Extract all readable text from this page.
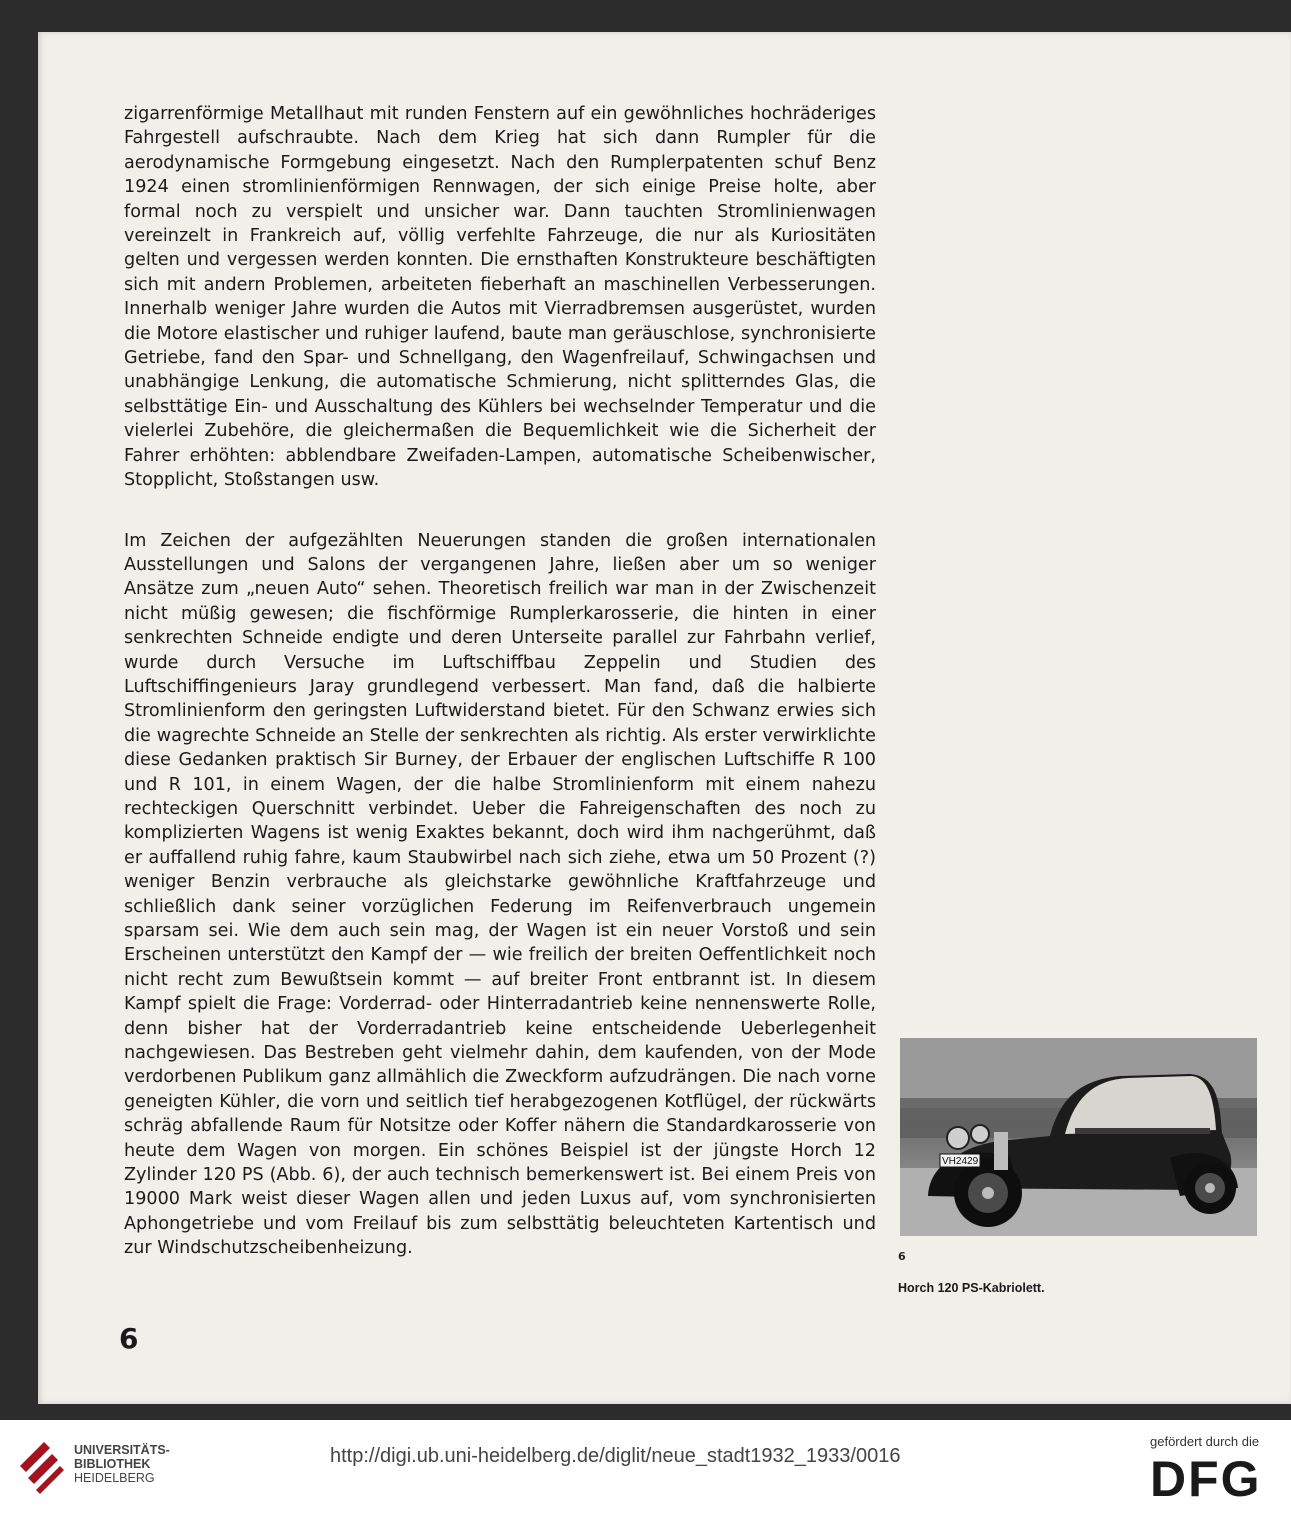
zigarrenförmige Metallhaut mit runden Fenstern auf ein gewöhnliches hochräderiges Fahrgestell aufschraubte. Nach dem Krieg hat sich dann Rumpler für die aerodynamische Formgebung eingesetzt. Nach den Rumplerpatenten schuf Benz 1924 einen stromlinienförmigen Rennwagen, der sich einige Preise holte, aber formal noch zu verspielt und unsicher war. Dann tauchten Stromlinienwagen vereinzelt in Frankreich auf, völlig verfehlte Fahrzeuge, die nur als Kuriositäten gelten und vergessen werden konnten. Die ernsthaften Konstrukteure beschäftigten sich mit andern Problemen, arbeiteten fieberhaft an maschinellen Verbesserungen. Innerhalb weniger Jahre wurden die Autos mit Vierradbremsen ausgerüstet, wurden die Motore elastischer und ruhiger laufend, baute man geräuschlose, synchronisierte Getriebe, fand den Spar- und Schnellgang, den Wagenfreilauf, Schwingachsen und unabhängige Lenkung, die automatische Schmierung, nicht splitterndes Glas, die selbsttätige Ein- und Ausschaltung des Kühlers bei wechselnder Temperatur und die vielerlei Zubehöre, die gleichermaßen die Bequemlichkeit wie die Sicherheit der Fahrer erhöhten: abblendbare Zweifaden-Lampen, automatische Scheibenwischer, Stopplicht, Stoßstangen usw.

Im Zeichen der aufgezählten Neuerungen standen die großen internationalen Ausstellungen und Salons der vergangenen Jahre, ließen aber um so weniger Ansätze zum „neuen Auto“ sehen. Theoretisch freilich war man in der Zwischenzeit nicht müßig gewesen; die fischförmige Rumplerkarosserie, die hinten in einer senkrechten Schneide endigte und deren Unterseite parallel zur Fahrbahn verlief, wurde durch Versuche im Luftschiffbau Zeppelin und Studien des Luftschiffingenieurs Jaray grundlegend verbessert. Man fand, daß die halbierte Stromlinienform den geringsten Luftwiderstand bietet. Für den Schwanz erwies sich die wagrechte Schneide an Stelle der senkrechten als richtig. Als erster verwirklichte diese Gedanken praktisch Sir Burney, der Erbauer der englischen Luftschiffe R 100 und R 101, in einem Wagen, der die halbe Stromlinienform mit einem nahezu rechteckigen Querschnitt verbindet. Ueber die Fahreigenschaften des noch zu komplizierten Wagens ist wenig Exaktes bekannt, doch wird ihm nachgerühmt, daß er auffallend ruhig fahre, kaum Staubwirbel nach sich ziehe, etwa um 50 Prozent (?) weniger Benzin verbrauche als gleichstarke gewöhnliche Kraftfahrzeuge und schließlich dank seiner vorzüglichen Federung im Reifenverbrauch ungemein sparsam sei. Wie dem auch sein mag, der Wagen ist ein neuer Vorstoß und sein Erscheinen unterstützt den Kampf der — wie freilich der breiten Oeffentlichkeit noch nicht recht zum Bewußtsein kommt — auf breiter Front entbrannt ist. In diesem Kampf spielt die Frage: Vorderrad- oder Hinterradantrieb keine nennenswerte Rolle, denn bisher hat der Vorderradantrieb keine entscheidende Ueberlegenheit nachgewiesen. Das Bestreben geht vielmehr dahin, dem kaufenden, von der Mode verdorbenen Publikum ganz allmählich die Zweckform aufzudrängen. Die nach vorne geneigten Kühler, die vorn und seitlich tief herabgezogenen Kotflügel, der rückwärts schräg abfallende Raum für Notsitze oder Koffer nähern die Standardkarosserie von heute dem Wagen von morgen. Ein schönes Beispiel ist der jüngste Horch 12 Zylinder 120 PS (Abb. 6), der auch technisch bemerkenswert ist. Bei einem Preis von 19000 Mark weist dieser Wagen allen und jeden Luxus auf, vom synchronisierten Aphongetriebe und vom Freilauf bis zum selbsttätig beleuchteten Kartentisch und zur Windschutzscheibenheizung.

VH2429
6
Horch 120 PS-Kabriolett.
6
UNIVERSITÄTS-
BIBLIOTHEK
HEIDELBERG
http://digi.ub.uni-heidelberg.de/diglit/neue_stadt1932_1933/0016
gefördert durch die
DFG
